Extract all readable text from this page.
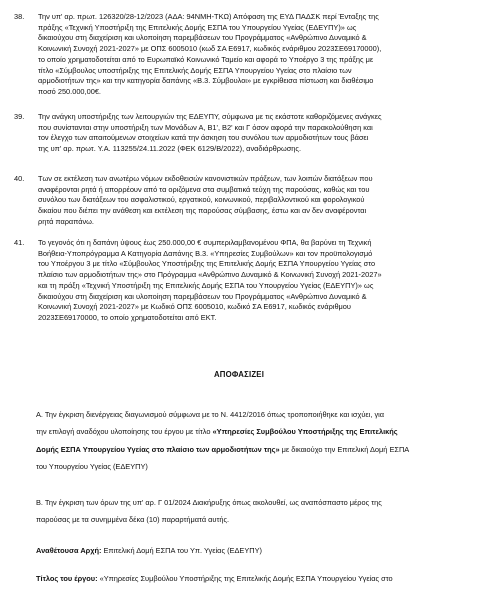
38. Την υπ' αρ. πρωτ. 126320/28-12/2023 (ΑΔΑ: 94ΝΜΗ-ΤΚΩ) Απόφαση της ΕΥΔ ΠΑΔΣΚ περί Ένταξης της
πράξης «Τεχνική Υποστήριξη της Επιτελικής Δομής ΕΣΠΑ του Υπουργείου Υγείας (ΕΔΕΥΠΥ)» ως
δικαιούχου στη διαχείριση και υλοποίηση παρεμβάσεων του Προγράμματος «Ανθρώπινο Δυναμικό &
Κοινωνική Συνοχή 2021-2027» με ΟΠΣ 6005010 (κωδ ΣΑ Ε6917, κωδικός ενάριθμου 2023ΣΕ69170000),
το οποίο χρηματοδοτείται από το Ευρωπαϊκό Κοινωνικό Ταμείο και αφορά το Υποέργο 3 της πράξης με
τίτλο «Σύμβουλος υποστήριξης της Επιτελικής Δομής ΕΣΠΑ Υπουργείου Υγείας στο πλαίσιο των
αρμοδιοτήτων της» και την κατηγορία δαπάνης «Β.3. Σύμβουλοι» με εγκρίθεισα πίστωση και διαθέσιμο
ποσό 250.000,00€.
39. Την ανάγκη υποστήριξης των λειτουργιών της ΕΔΕΥΠΥ, σύμφωνα με τις εκάστοτε καθοριζόμενες ανάγκες
που συνίστανται στην υποστήριξη των Μονάδων Α, Β1', Β2' και Γ όσον αφορά την παρακολούθηση και
τον έλεγχο των απαιτούμενων στοιχείων κατά την άσκηση του συνόλου των αρμοδιοτήτων τους βάσει
της υπ' αρ. πρωτ. Υ.Α. 113255/24.11.2022 (ΦΕΚ 6129/Β/2022), αναδιάρθρωσης.
40. Των σε εκτέλεση των ανωτέρω νόμων εκδοθεισών κανονιστικών πράξεων, των λοιπών διατάξεων που
αναφέρονται ρητά ή απορρέουν από τα οριζόμενα στα συμβατικά τεύχη της παρούσας, καθώς και του
συνόλου των διατάξεων του ασφαλιστικού, εργατικού, κοινωνικού, περιβαλλοντικού και φορολογικού
δικαίου που διέπει την ανάθεση και εκτέλεση της παρούσας σύμβασης, έστω και αν δεν αναφέρονται
ρητά παραπάνω.
41. Το γεγονός ότι η δαπάνη ύψους έως 250.000,00 € συμπεριλαμβανομένου ΦΠΑ, θα βαρύνει τη Τεχνική
Βοήθεια-Υποπρόγραμμα Α Κατηγορία Δαπάνης Β.3. «Υπηρεσίες Συμβούλων» και τον προϋπολογισμό
του Υποέργου 3 με τίτλο «Σύμβουλος Υποστήριξης της Επιτελικής Δομής ΕΣΠΑ Υπουργείου Υγείας στο
πλαίσιο των αρμοδιοτήτων της» στο Πρόγραμμα «Ανθρώπινο Δυναμικό & Κοινωνική Συνοχή 2021-2027»
και τη πράξη «Τεχνική Υποστήριξη της Επιτελικής Δομής ΕΣΠΑ του Υπουργείου Υγείας (ΕΔΕΥΠΥ)» ως
δικαιούχου στη διαχείριση και υλοποίηση παρεμβάσεων του Προγράμματος «Ανθρώπινο Δυναμικό &
Κοινωνική Συνοχή 2021-2027» με Κωδικό ΟΠΣ 6005010, κωδικό ΣΑ Ε6917, κωδικός ενάριθμου
2023ΣΕ69170000, το οποίο χρηματοδοτείται από ΕΚΤ.
ΑΠΟΦΑΣΙΖΕΙ
Α. Την έγκριση διενέργειας διαγωνισμού σύμφωνα με το Ν. 4412/2016 όπως τροποποιήθηκε και ισχύει, για
την επιλογή αναδόχου υλοποίησης του έργου με τίτλο «Υπηρεσίες Συμβούλου Υποστήριξης της Επιτελικής
Δομής ΕΣΠΑ Υπουργείου Υγείας στο πλαίσιο των αρμοδιοτήτων της» με δικαιούχο την Επιτελική Δομή ΕΣΠΑ
του Υπουργείου Υγείας (ΕΔΕΥΠΥ)
Β. Την έγκριση των όρων της υπ' αρ. Γ 01/2024 Διακήρυξης όπως ακολουθεί, ως αναπόσπαστο μέρος της
παρούσας με τα συνημμένα δέκα (10) παραρτήματά αυτής.
Αναθέτουσα Αρχή: Επιτελική Δομή ΕΣΠΑ του Υπ. Υγείας (ΕΔΕΥΠΥ)
Τίτλος του έργου: «Υπηρεσίες Συμβούλου Υποστήριξης της Επιτελικής Δομής ΕΣΠΑ Υπουργείου Υγείας στο
